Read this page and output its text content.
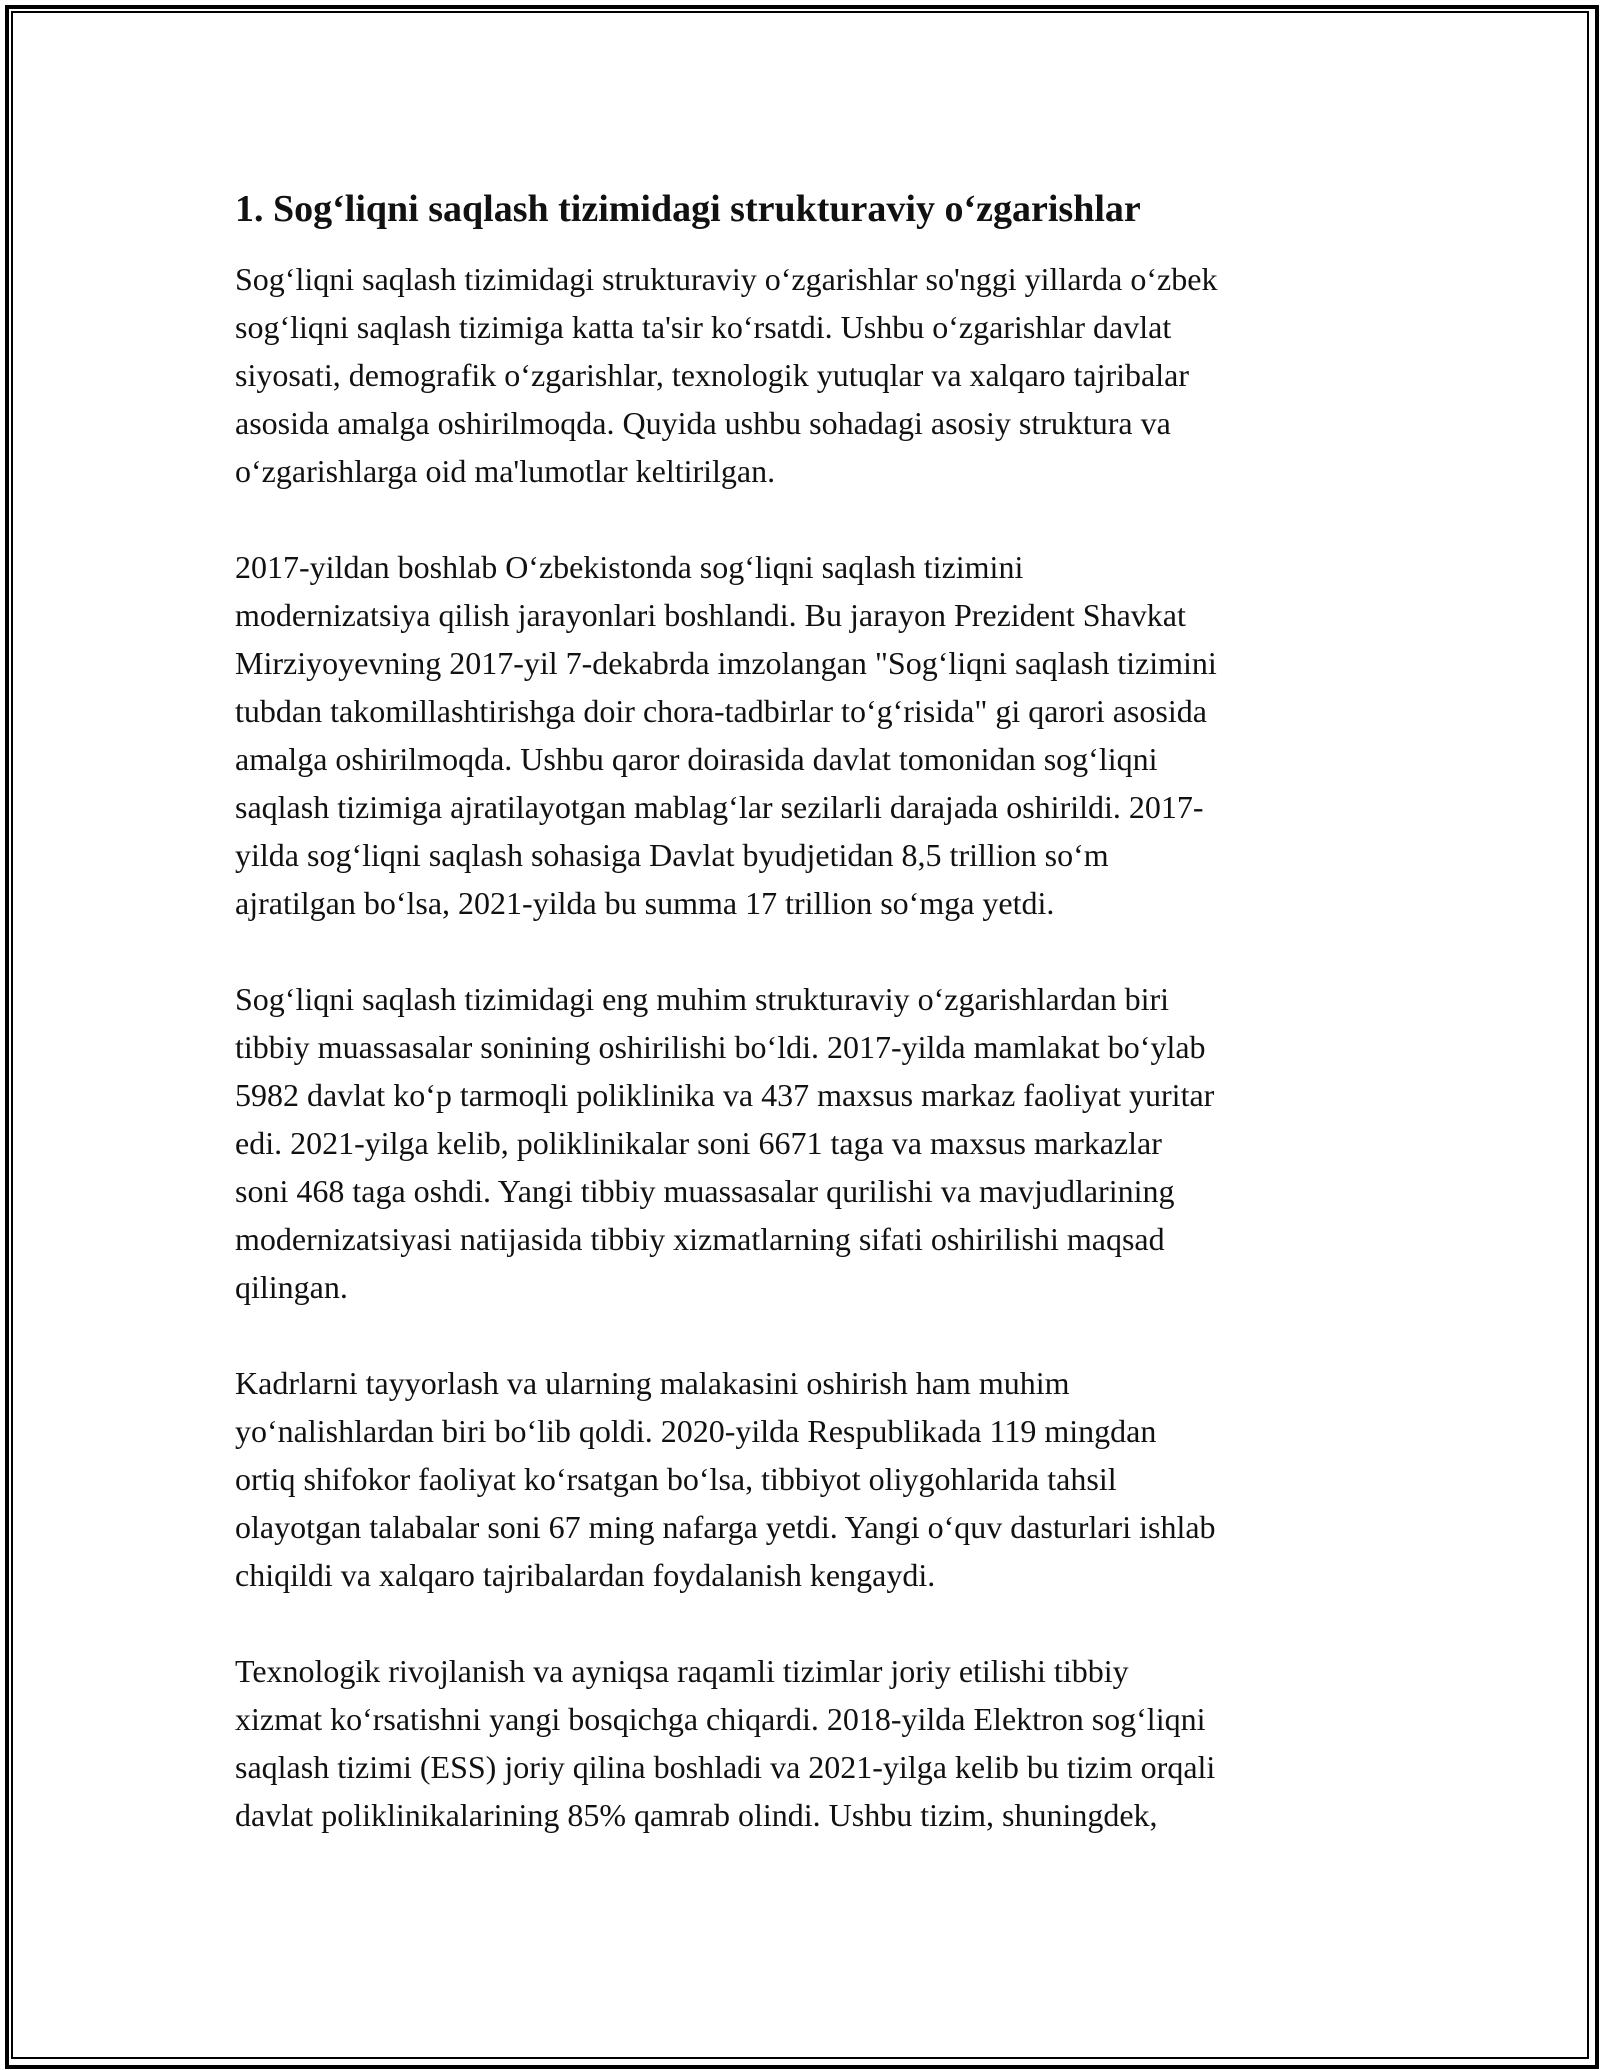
1. Sog‘liqni saqlash tizimidagi strukturaviy o‘zgarishlar

Sog‘liqni saqlash tizimidagi strukturaviy o‘zgarishlar so'nggi yillarda o‘zbek
sog‘liqni saqlash tizimiga katta ta'sir ko‘rsatdi. Ushbu o‘zgarishlar davlat
siyosati, demografik o‘zgarishlar, texnologik yutuqlar va xalqaro tajribalar
asosida amalga oshirilmoqda. Quyida ushbu sohadagi asosiy struktura va
o‘zgarishlarga oid ma'lumotlar keltirilgan.

2017-yildan boshlab O‘zbekistonda sog‘liqni saqlash tizimini
modernizatsiya qilish jarayonlari boshlandi. Bu jarayon Prezident Shavkat
Mirziyoyevning 2017-yil 7-dekabrda imzolangan "Sog‘liqni saqlash tizimini
tubdan takomillashtirishga doir chora-tadbirlar to‘g‘risida" gi qarori asosida
amalga oshirilmoqda. Ushbu qaror doirasida davlat tomonidan sog‘liqni
saqlash tizimiga ajratilayotgan mablag‘lar sezilarli darajada oshirildi. 2017-
yilda sog‘liqni saqlash sohasiga Davlat byudjetidan 8,5 trillion so‘m
ajratilgan bo‘lsa, 2021-yilda bu summa 17 trillion so‘mga yetdi.

Sog‘liqni saqlash tizimidagi eng muhim strukturaviy o‘zgarishlardan biri
tibbiy muassasalar sonining oshirilishi bo‘ldi. 2017-yilda mamlakat bo‘ylab
5982 davlat ko‘p tarmoqli poliklinika va 437 maxsus markaz faoliyat yuritar
edi. 2021-yilga kelib, poliklinikalar soni 6671 taga va maxsus markazlar
soni 468 taga oshdi. Yangi tibbiy muassasalar qurilishi va mavjudlarining
modernizatsiyasi natijasida tibbiy xizmatlarning sifati oshirilishi maqsad
qilingan.

Kadrlarni tayyorlash va ularning malakasini oshirish ham muhim
yo‘nalishlardan biri bo‘lib qoldi. 2020-yilda Respublikada 119 mingdan
ortiq shifokor faoliyat ko‘rsatgan bo‘lsa, tibbiyot oliygohlarida tahsil
olayotgan talabalar soni 67 ming nafarga yetdi. Yangi o‘quv dasturlari ishlab
chiqildi va xalqaro tajribalardan foydalanish kengaydi.

Texnologik rivojlanish va ayniqsa raqamli tizimlar joriy etilishi tibbiy
xizmat ko‘rsatishni yangi bosqichga chiqardi. 2018-yilda Elektron sog‘liqni
saqlash tizimi (ESS) joriy qilina boshladi va 2021-yilga kelib bu tizim orqali
davlat poliklinikalarining 85% qamrab olindi. Ushbu tizim, shuningdek,
